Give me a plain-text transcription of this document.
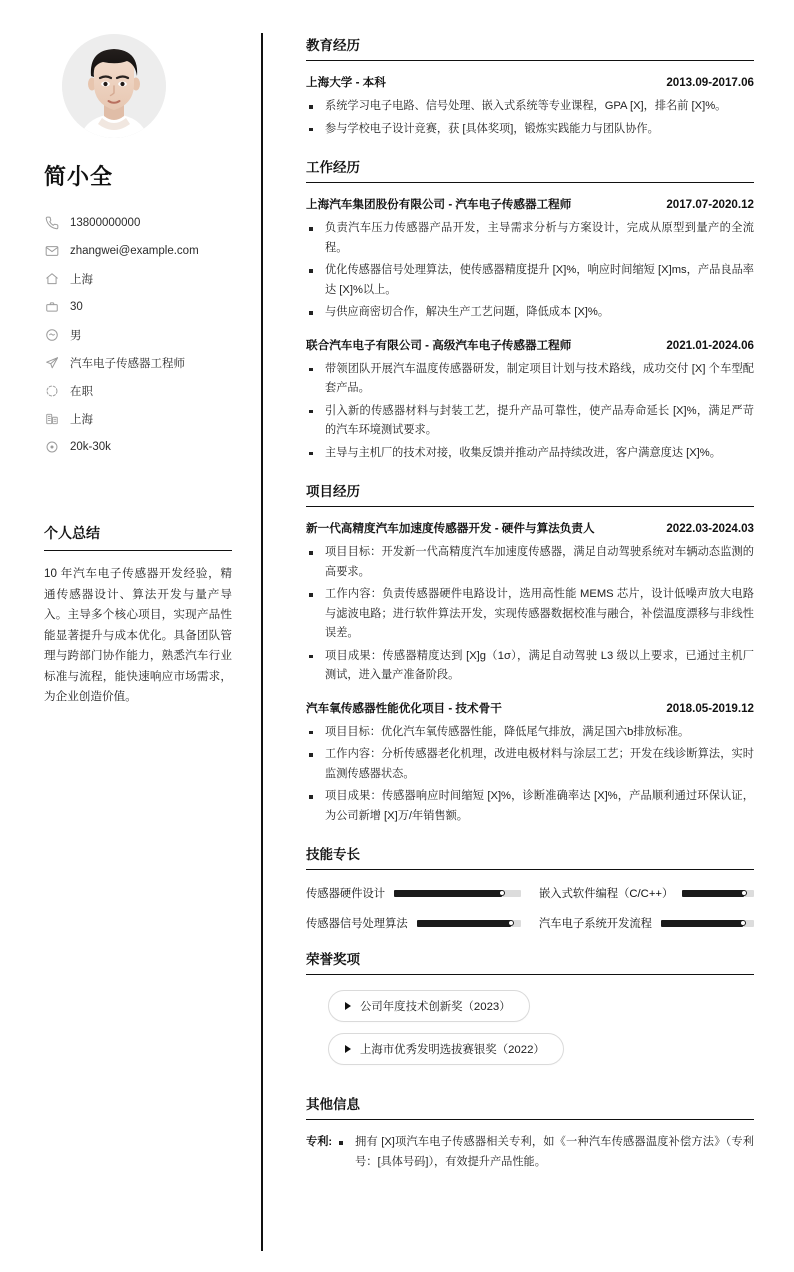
简小全
13800000000
zhangwei@example.com
上海
30
男
汽车电子传感器工程师
在职
上海
20k-30k
个人总结

10 年汽车电子传感器开发经验，精通传感器设计、算法开发与量产导入。主导多个核心项目，实现产品性能显著提升与成本优化。具备团队管理与跨部门协作能力，熟悉汽车行业标准与流程，能快速响应市场需求，为企业创造价值。

教育经历
上海大学 - 本科	2013.09-2017.06
系统学习电子电路、信号处理、嵌入式系统等专业课程，GPA [X]，排名前 [X]%。
参与学校电子设计竞赛，获 [具体奖项]，锻炼实践能力与团队协作。
工作经历
上海汽车集团股份有限公司 - 汽车电子传感器工程师	2017.07-2020.12
负责汽车压力传感器产品开发，主导需求分析与方案设计，完成从原型到量产的全流程。
优化传感器信号处理算法，使传感器精度提升 [X]%，响应时间缩短 [X]ms，产品良品率达 [X]%以上。
与供应商密切合作，解决生产工艺问题，降低成本 [X]%。
联合汽车电子有限公司 - 高级汽车电子传感器工程师	2021.01-2024.06
带领团队开展汽车温度传感器研发，制定项目计划与技术路线，成功交付 [X] 个车型配套产品。
引入新的传感器材料与封装工艺，提升产品可靠性，使产品寿命延长 [X]%，满足严苛的汽车环境测试要求。
主导与主机厂的技术对接，收集反馈并推动产品持续改进，客户满意度达 [X]%。
项目经历
新一代高精度汽车加速度传感器开发 - 硬件与算法负责人	2022.03-2024.03
项目目标：开发新一代高精度汽车加速度传感器，满足自动驾驶系统对车辆动态监测的高要求。
工作内容：负责传感器硬件电路设计，选用高性能 MEMS 芯片，设计低噪声放大电路与滤波电路；进行软件算法开发，实现传感器数据校准与融合，补偿温度漂移与非线性误差。
项目成果：传感器精度达到 [X]g（1σ），满足自动驾驶 L3 级以上要求，已通过主机厂测试，进入量产准备阶段。
汽车氧传感器性能优化项目 - 技术骨干	2018.05-2019.12
项目目标：优化汽车氧传感器性能，降低尾气排放，满足国六b排放标准。
工作内容：分析传感器老化机理，改进电极材料与涂层工艺；开发在线诊断算法，实时监测传感器状态。
项目成果：传感器响应时间缩短 [X]%，诊断准确率达 [X]%，产品顺利通过环保认证，为公司新增 [X]万/年销售额。
技能专长
传感器硬件设计	嵌入式软件编程（C/C++）
传感器信号处理算法	汽车电子系统开发流程
荣誉奖项
公司年度技术创新奖（2023）
上海市优秀发明选拔赛银奖（2022）
其他信息
专利:	拥有 [X]项汽车电子传感器相关专利，如《一种汽车传感器温度补偿方法》（专利号：[具体号码]），有效提升产品性能。
